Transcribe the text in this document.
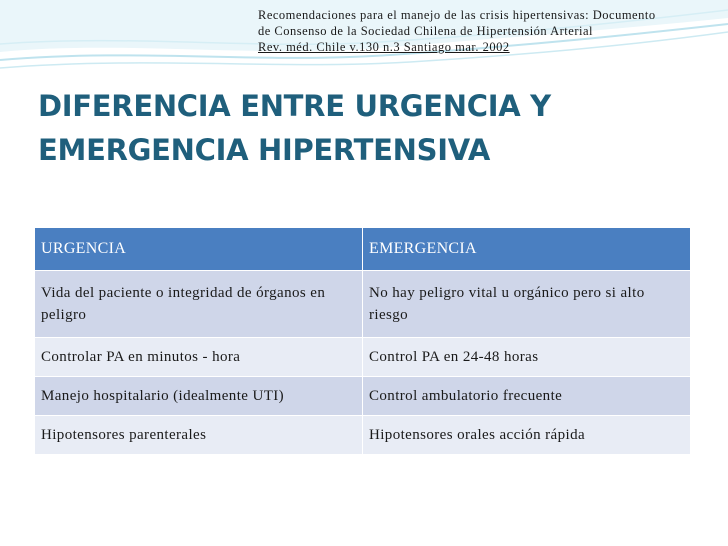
Recomendaciones para el manejo de las crisis hipertensivas: Documento
de Consenso de la Sociedad Chilena de Hipertensión Arterial
Rev. méd. Chile v.130 n.3 Santiago mar. 2002
DIFERENCIA ENTRE URGENCIA Y
EMERGENCIA HIPERTENSIVA
URGENCIA	EMERGENCIA
Vida del paciente o integridad de órganos en peligro	No hay peligro vital u orgánico pero si alto riesgo
Controlar PA en minutos - hora	Control PA en 24-48 horas
Manejo hospitalario (idealmente UTI)	Control ambulatorio frecuente
Hipotensores parenterales	Hipotensores orales acción rápida
